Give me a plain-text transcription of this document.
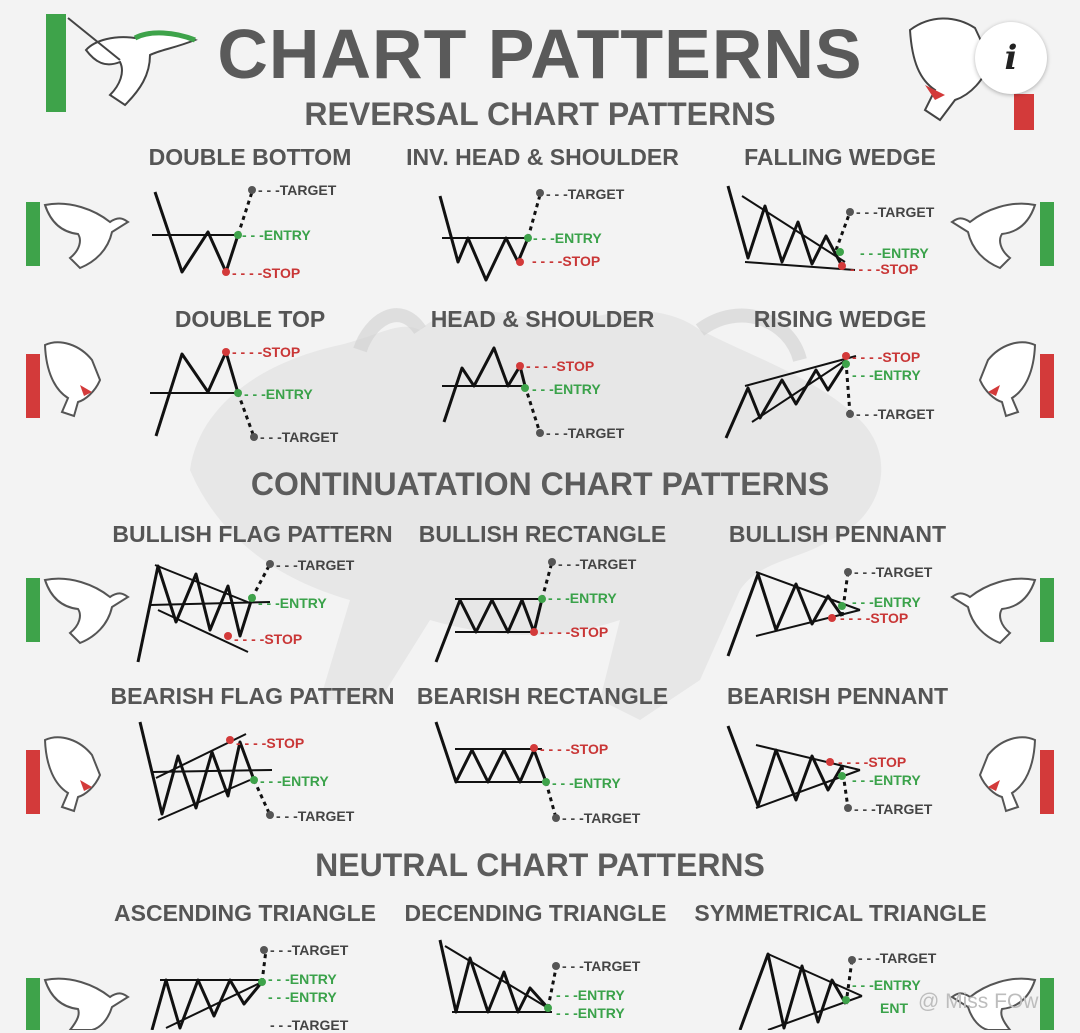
CHART PATTERNS	i
REVERSAL CHART PATTERNS
CONTINUATATION CHART PATTERNS
NEUTRAL CHART PATTERNS
DOUBLE BOTTOM	INV. HEAD & SHOULDER	FALLING WEDGE
DOUBLE TOP	HEAD & SHOULDER	RISING WEDGE
BULLISH FLAG PATTERN	BULLISH RECTANGLE	BULLISH PENNANT
BEARISH FLAG PATTERN BEARISH RECTANGLE	BEARISH PENNANT
ASCENDING TRIANGLE	DECENDING TRIANGLE SYMMETRICAL TRIANGLE
- - -TARGET
- - -ENTRY
- - - -STOP
- - -TARGET
- - -ENTRY
- - - -STOP
- - -TARGET
- - -ENTRY
- - - -STOP
- - - -STOP
- - -ENTRY
- - -TARGET
- - - -STOP
- - -ENTRY
- - -TARGET
- - - -STOP
- - -ENTRY
- - -TARGET
- - -TARGET
- - -ENTRY
- - - -STOP
- - -TARGET
- - -ENTRY
- - - -STOP
- - -TARGET
- - -ENTRY
- - - -STOP
- - - -STOP
- - -ENTRY
- - -TARGET
- - - -STOP
- - -ENTRY
- - -TARGET
- - - -STOP
- - -ENTRY
- - -TARGET
- - -TARGET
- - -ENTRY
- - -ENTRY
- - -TARGET
- - -TARGET
- - -ENTRY
- - -ENTRY
- - -TARGET
- - -ENTRY
ENT @ Miss FOw
